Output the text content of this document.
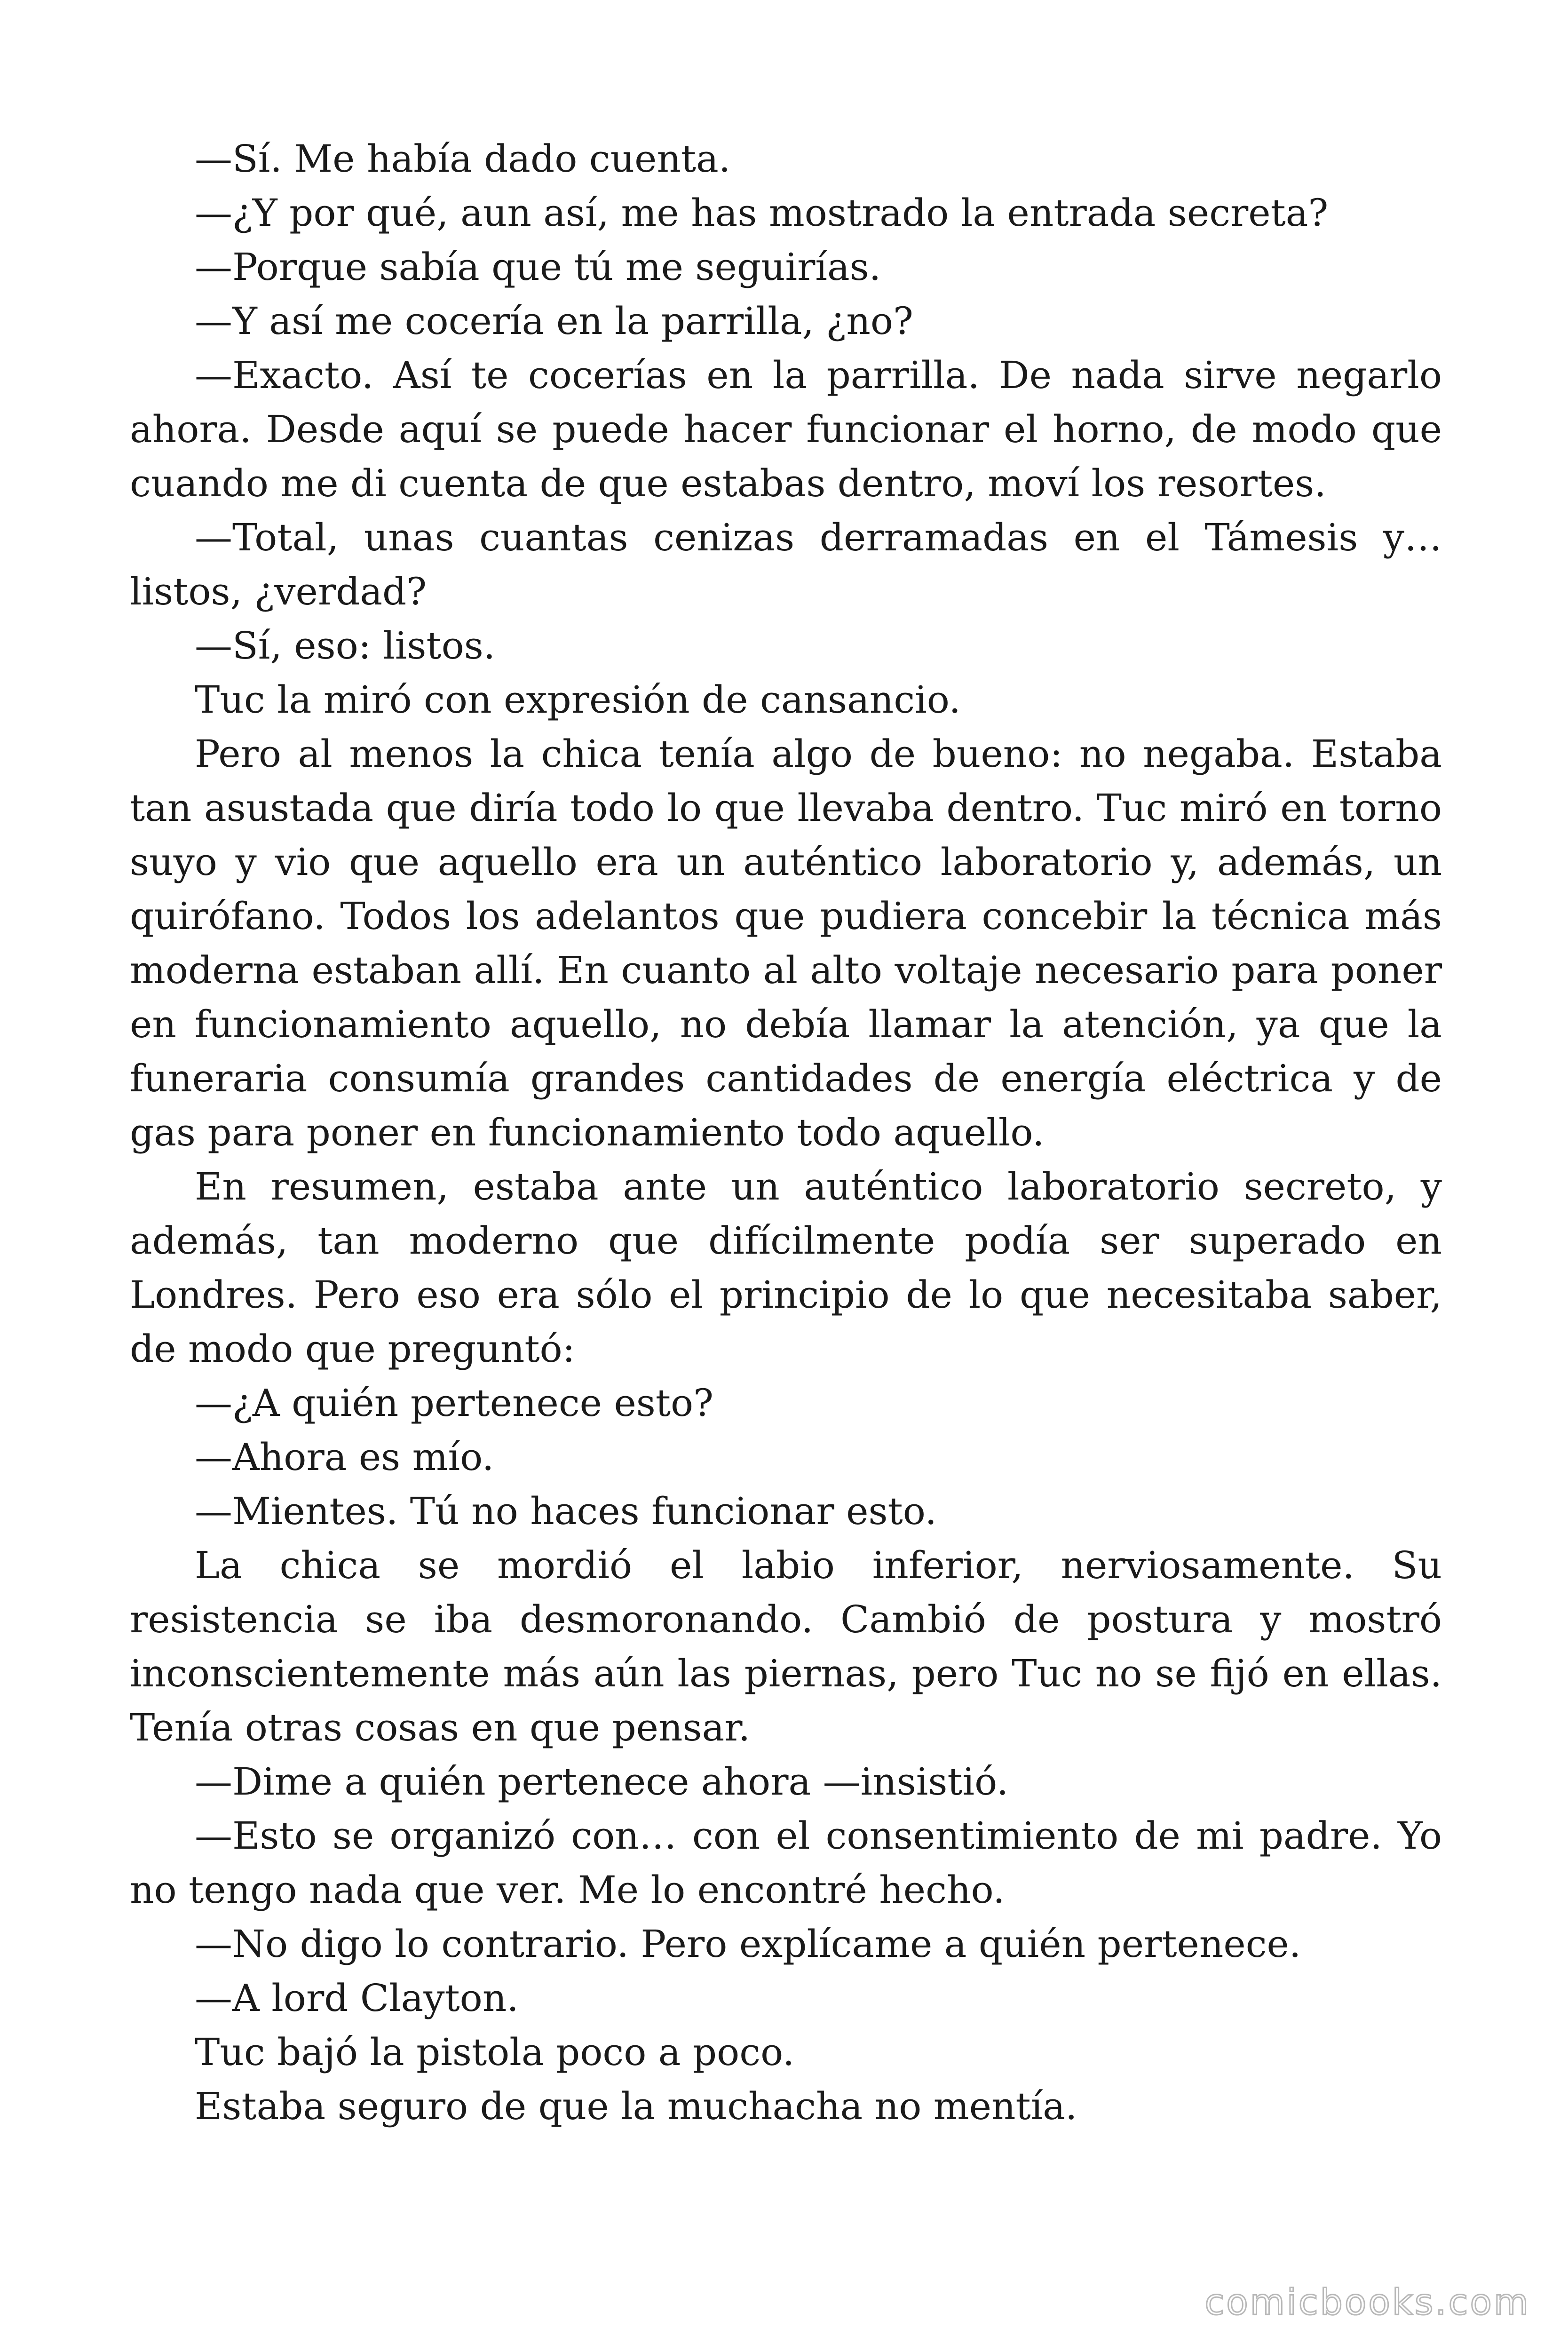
—Sí. Me había dado cuenta.

—¿Y por qué, aun así, me has mostrado la entrada secreta?

—Porque sabía que tú me seguirías.

—Y así me cocería en la parrilla, ¿no?

—Exacto. Así te cocerías en la parrilla. De nada sirve negarlo ahora. Desde aquí se puede hacer funcionar el horno, de modo que cuando me di cuenta de que estabas dentro, moví los resortes.

—Total, unas cuantas cenizas derramadas en el Támesis y… listos, ¿verdad?

—Sí, eso: listos.

Tuc la miró con expresión de cansancio.

Pero al menos la chica tenía algo de bueno: no negaba. Estaba tan asustada que diría todo lo que llevaba dentro. Tuc miró en torno suyo y vio que aquello era un auténtico laboratorio y, además, un quirófano. Todos los adelantos que pudiera concebir la técnica más moderna estaban allí. En cuanto al alto voltaje necesario para poner en funcionamiento aquello, no debía llamar la atención, ya que la funeraria consumía grandes cantidades de energía eléctrica y de gas para poner en funcionamiento todo aquello.

En resumen, estaba ante un auténtico laboratorio secreto, y además, tan moderno que difícilmente podía ser superado en Londres. Pero eso era sólo el principio de lo que necesitaba saber, de modo que preguntó:

—¿A quién pertenece esto?

—Ahora es mío.

—Mientes. Tú no haces funcionar esto.

La chica se mordió el labio inferior, nerviosamente. Su resistencia se iba desmoronando. Cambió de postura y mostró inconscientemente más aún las piernas, pero Tuc no se fijó en ellas. Tenía otras cosas en que pensar.

—Dime a quién pertenece ahora —insistió.

—Esto se organizó con… con el consentimiento de mi padre. Yo no tengo nada que ver. Me lo encontré hecho.

—No digo lo contrario. Pero explícame a quién pertenece.

—A lord Clayton.

Tuc bajó la pistola poco a poco.

Estaba seguro de que la muchacha no mentía.

comicbooks.com
